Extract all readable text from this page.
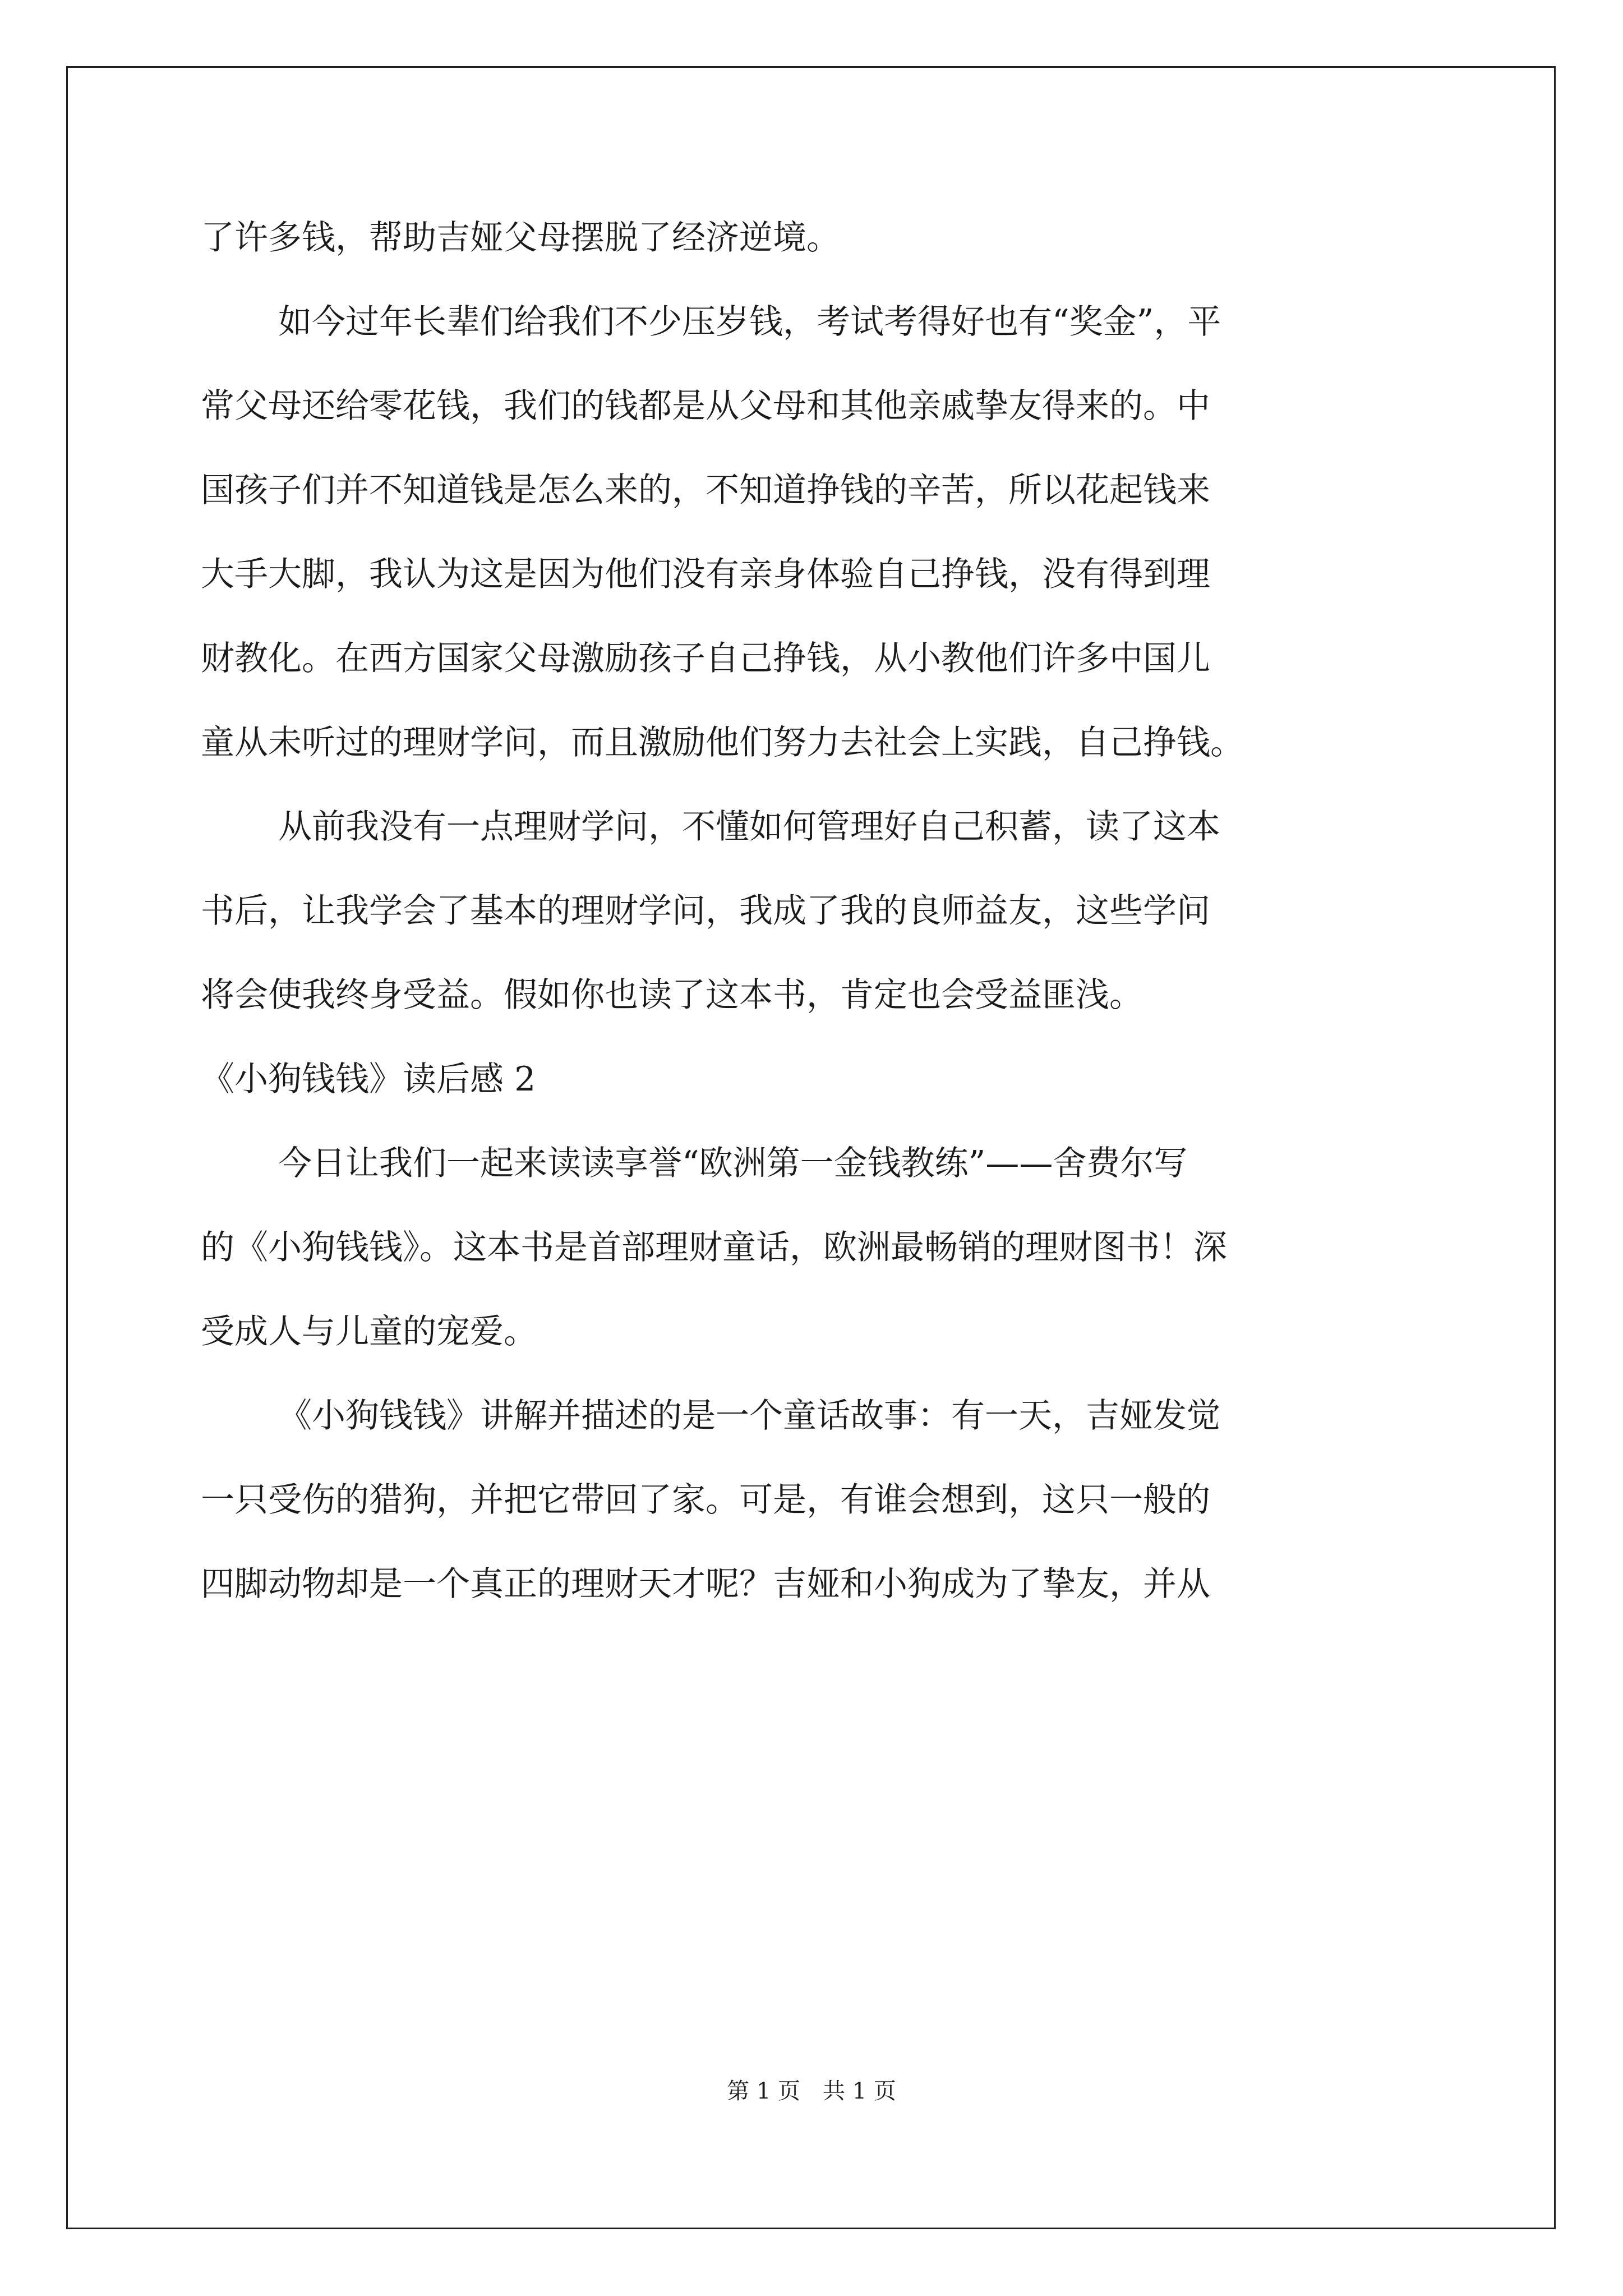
了许多钱，帮助吉娅父母摆脱了经济逆境。
如今过年长辈们给我们不少压岁钱，考试考得好也有“奖金”，平
常父母还给零花钱，我们的钱都是从父母和其他亲戚挚友得来的。中
国孩子们并不知道钱是怎么来的，不知道挣钱的辛苦，所以花起钱来
大手大脚，我认为这是因为他们没有亲身体验自己挣钱，没有得到理
财教化。在西方国家父母激励孩子自己挣钱，从小教他们许多中国儿
童从未听过的理财学问，而且激励他们努力去社会上实践，自己挣钱。
从前我没有一点理财学问，不懂如何管理好自己积蓄，读了这本
书后，让我学会了基本的理财学问，我成了我的良师益友，这些学问
将会使我终身受益。假如你也读了这本书，肯定也会受益匪浅。
《小狗钱钱》读后感 2
今日让我们一起来读读享誉“欧洲第一金钱教练”——舍费尔写
的《小狗钱钱》。这本书是首部理财童话，欧洲最畅销的理财图书！深
受成人与儿童的宠爱。
《小狗钱钱》讲解并描述的是一个童话故事：有一天，吉娅发觉
一只受伤的猎狗，并把它带回了家。可是，有谁会想到，这只一般的
四脚动物却是一个真正的理财天才呢？吉娅和小狗成为了挚友，并从
第 1 页　共 1 页
